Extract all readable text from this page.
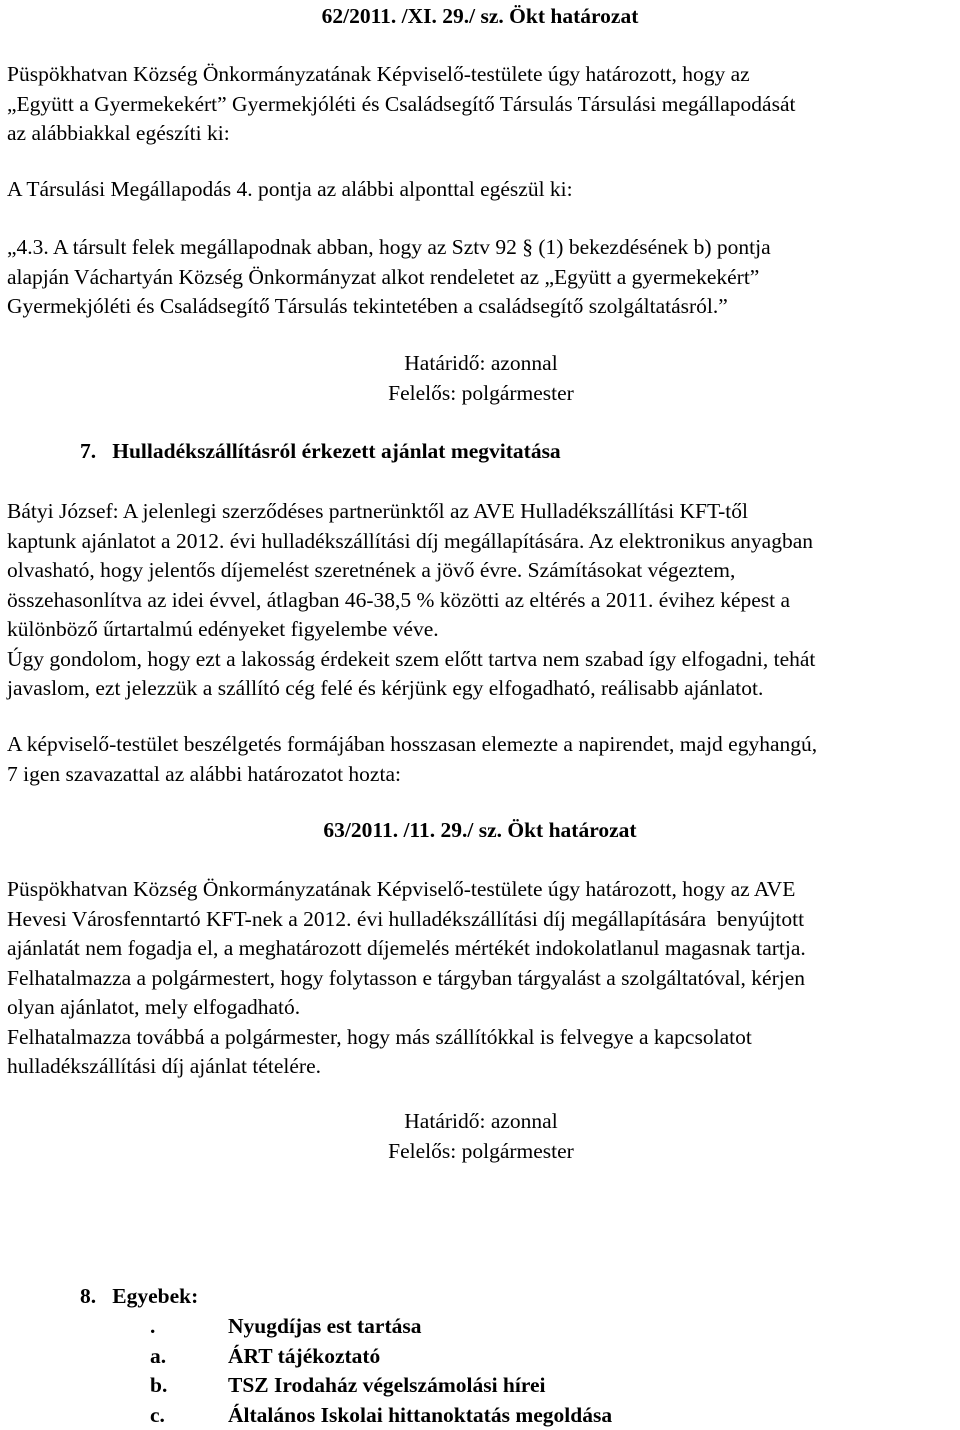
62/2011. /XI. 29./ sz. Ökt határozat

Püspökhatvan Község Önkormányzatának Képviselő-testülete úgy határozott, hogy az
„Együtt a Gyermekekért” Gyermekjóléti és Családsegítő Társulás Társulási megállapodását
az alábbiakkal egészíti ki:
A Társulási Megállapodás 4. pontja az alábbi alponttal egészül ki:
„4.3. A társult felek megállapodnak abban, hogy az Sztv 92 § (1) bekezdésének b) pontja
alapján Váchartyán Község Önkormányzat alkot rendeletet az „Együtt a gyermekekért”
Gyermekjóléti és Családsegítő Társulás tekintetében a családsegítő szolgáltatásról.”
Határidő: azonnal
Felelős: polgármester

7.   Hulladékszállításról érkezett ajánlat megvitatása

Bátyi József: A jelenlegi szerződéses partnerünktől az AVE Hulladékszállítási KFT-től
kaptunk ajánlatot a 2012. évi hulladékszállítási díj megállapítására. Az elektronikus anyagban
olvasható, hogy jelentős díjemelést szeretnének a jövő évre. Számításokat végeztem,
összehasonlítva az idei évvel, átlagban 46-38,5 % közötti az eltérés a 2011. évihez képest a
különböző űrtartalmú edényeket figyelembe véve.
Úgy gondolom, hogy ezt a lakosság érdekeit szem előtt tartva nem szabad így elfogadni, tehát
javaslom, ezt jelezzük a szállító cég felé és kérjünk egy elfogadható, reálisabb ajánlatot.
A képviselő-testület beszélgetés formájában hosszasan elemezte a napirendet, majd egyhangú,
7 igen szavazattal az alábbi határozatot hozta:

63/2011. /11. 29./ sz. Ökt határozat

Püspökhatvan Község Önkormányzatának Képviselő-testülete úgy határozott, hogy az AVE
Hevesi Városfenntartó KFT-nek a 2012. évi hulladékszállítási díj megállapítására  benyújtott
ajánlatát nem fogadja el, a meghatározott díjemelés mértékét indokolatlanul magasnak tartja.
Felhatalmazza a polgármestert, hogy folytasson e tárgyban tárgyalást a szolgáltatóval, kérjen
olyan ajánlatot, mely elfogadható.
Felhatalmazza továbbá a polgármester, hogy más szállítókkal is felvegye a kapcsolatot
hulladékszállítási díj ajánlat tételére.
Határidő: azonnal
Felelős: polgármester

8.   Egyebek:

.	Nyugdíjas est tartása
a.	ÁRT tájékoztató
b.	TSZ Irodaház végelszámolási hírei
c.	Általános Iskolai hittanoktatás megoldása
